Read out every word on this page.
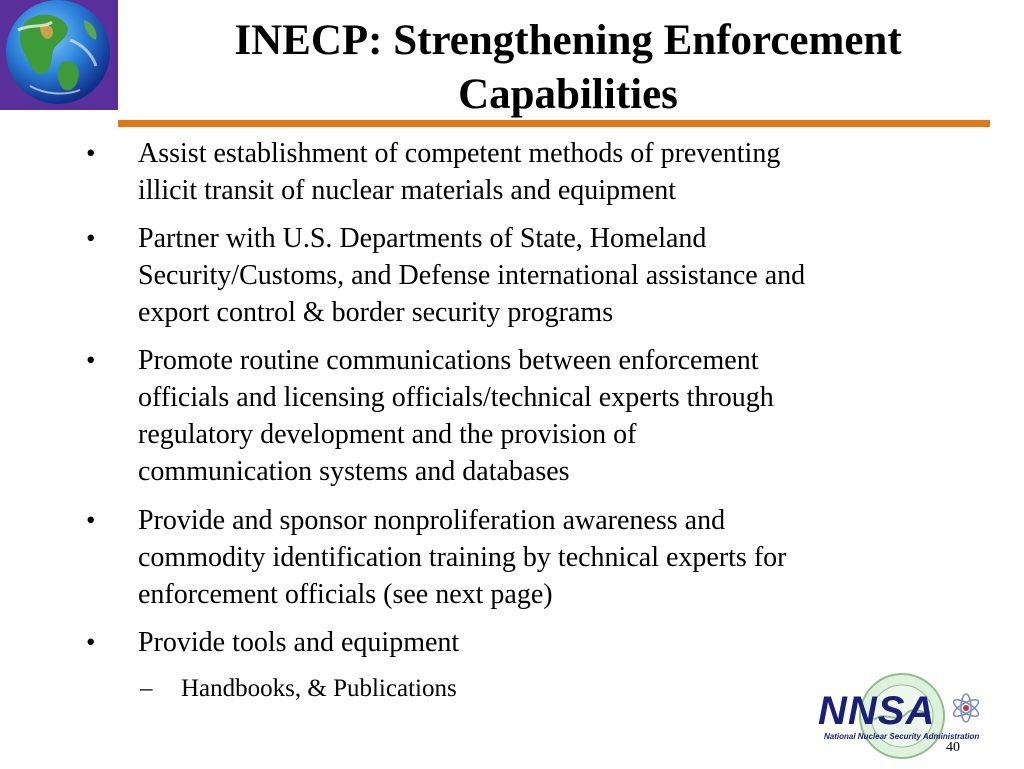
INECP: Strengthening Enforcement
Capabilities
• Assist establishment of competent methods of preventing
illicit transit of nuclear materials and equipment
• Partner with U.S. Departments of State, Homeland
Security/Customs, and Defense international assistance and
export control & border security programs
• Promote routine communications between enforcement
officials and licensing officials/technical experts through
regulatory development and the provision of
communication systems and databases
• Provide and sponsor nonproliferation awareness and
commodity identification training by technical experts for
enforcement officials (see next page)
• Provide tools and equipment
– Handbooks, & Publications
NNSA
National Nuclear Security Administration
40
